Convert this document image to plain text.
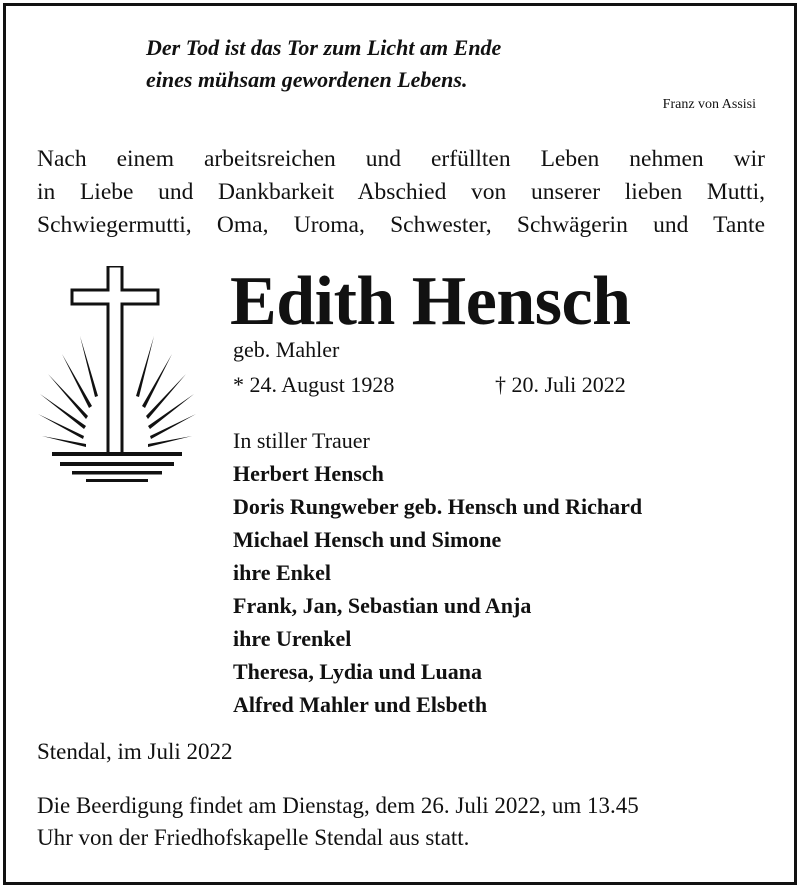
Der Tod ist das Tor zum Licht am Ende
eines mühsam gewordenen Lebens.
Franz von Assisi
Nach einem arbeitsreichen und erfüllten Leben nehmen wir
in Liebe und Dankbarkeit Abschied von unserer lieben Mutti,
Schwiegermutti, Oma, Uroma, Schwester, Schwägerin und Tante
Edith Hensch
geb. Mahler
* 24. August 1928	† 20. Juli 2022
In stiller Trauer
Herbert Hensch
Doris Rungweber geb. Hensch und Richard
Michael Hensch und Simone
ihre Enkel
Frank, Jan, Sebastian und Anja
ihre Urenkel
Theresa, Lydia und Luana
Alfred Mahler und Elsbeth
Stendal, im Juli 2022
Die Beerdigung findet am Dienstag, dem 26. Juli 2022, um 13.45
Uhr von der Friedhofskapelle Stendal aus statt.
